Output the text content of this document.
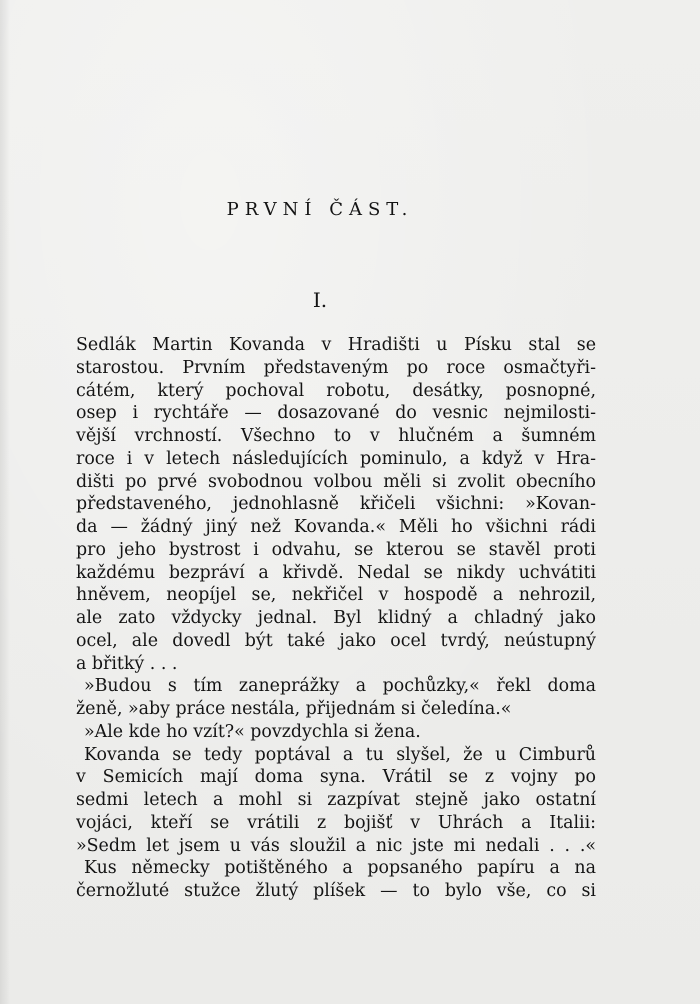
PRVNÍ ČÁST.
I.
Sedlák Martin Kovanda v Hradišti u Písku stal se
starostou. Prvním představeným po roce osmačtyři-
cátém, který pochoval robotu, desátky, posnopné,
osep i rychtáře — dosazované do vesnic nejmilosti-
vější vrchností. Všechno to v hlučném a šumném
roce i v letech následujících pominulo, a když v Hra-
dišti po prvé svobodnou volbou měli si zvolit obecního
představeného, jednohlasně křičeli všichni: »Kovan-
da — žádný jiný než Kovanda.« Měli ho všichni rádi
pro jeho bystrost i odvahu, se kterou se stavěl proti
každému bezpráví a křivdě. Nedal se nikdy uchvátiti
hněvem, neopíjel se, nekřičel v hospodě a nehrozil,
ale zato vždycky jednal. Byl klidný a chladný jako
ocel, ale dovedl být také jako ocel tvrdý, neústupný
a břitký . . .
»Budou s tím zaneprážky a pochůzky,« řekl doma
ženě, »aby práce nestála, přijednám si čeledína.«
»Ale kde ho vzít?« povzdychla si žena.
Kovanda se tedy poptával a tu slyšel, že u Cimburů
v Semicích mají doma syna. Vrátil se z vojny po
sedmi letech a mohl si zazpívat stejně jako ostatní
vojáci, kteří se vrátili z bojišť v Uhrách a Italii:
»Sedm let jsem u vás sloužil a nic jste mi nedali . . .«
Kus německy potištěného a popsaného papíru a na
černožluté stužce žlutý plíšek — to bylo vše, co si
